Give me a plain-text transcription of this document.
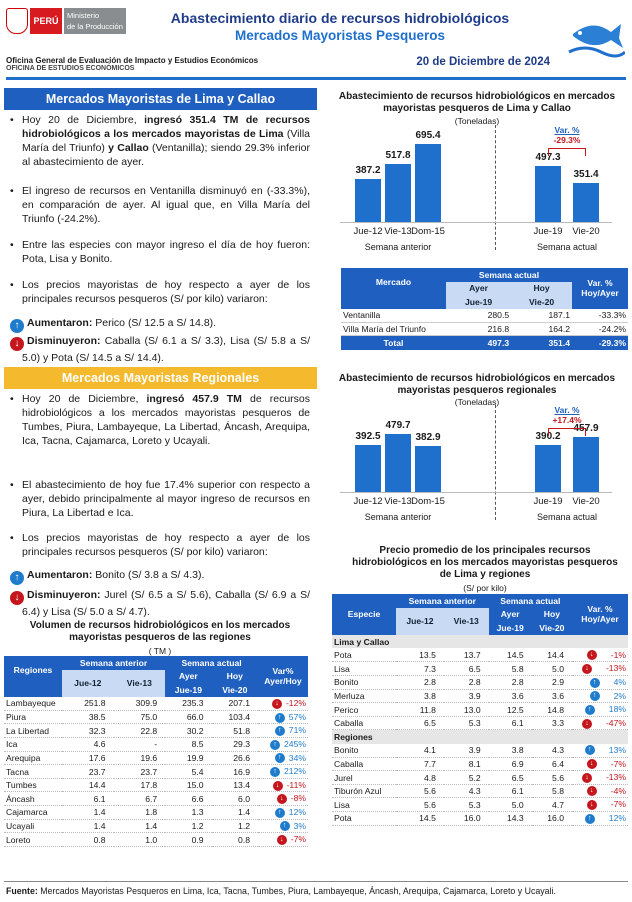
PERÚ
Ministerio
de la Producción
Abastecimiento diario de recursos hidrobiológicos
Mercados Mayoristas Pesqueros
Oficina General de Evaluación de Impacto y Estudios Económicos
OFICINA DE ESTUDIOS ECONÓMICOS
20 de Diciembre de 2024
Mercados Mayoristas de Lima y Callao
• Hoy 20 de Diciembre, ingresó 351.4 TM de recursos hidrobiológicos a los mercados mayoristas de Lima (Villa María del Triunfo) y Callao (Ventanilla); siendo 29.3% inferior al abastecimiento de ayer.
• El ingreso de recursos en Ventanilla disminuyó en (-33.3%), en comparación de ayer. Al igual que, en Villa María del Triunfo (-24.2%).
• Entre las especies con mayor ingreso el día de hoy fueron: Pota, Lisa y Bonito.
• Los precios mayoristas de hoy respecto a ayer de los principales recursos pesqueros (S/ por kilo) variaron:
↑ Aumentaron: Perico (S/ 12.5 a S/ 14.8).
↓ Disminuyeron: Caballa (S/ 6.1 a S/ 3.3), Lisa (S/ 5.8 a S/ 5.0) y Pota (S/ 14.5 a S/ 14.4).
Mercados Mayoristas Regionales
• Hoy 20 de Diciembre, ingresó 457.9 TM de recursos hidrobiológicos a los mercados mayoristas pesqueros de Tumbes, Piura, Lambayeque, La Libertad, Áncash, Arequipa, Ica, Tacna, Cajamarca, Loreto y Ucayali.
• El abastecimiento de hoy fue 17.4% superior con respecto a ayer, debido principalmente al mayor ingreso de recursos en Piura, La Libertad e Ica.
• Los precios mayoristas de hoy respecto a ayer de los principales recursos pesqueros (S/ por kilo) variaron:
↑ Aumentaron: Bonito (S/ 3.8 a S/ 4.3).
↓ Disminuyeron: Jurel (S/ 6.5 a S/ 5.6), Caballa (S/ 6.9 a S/ 6.4) y Lisa (S/ 5.0 a S/ 4.7).
Volumen de recursos hidrobiológicos en los mercados mayoristas pesqueros de las regiones
( TM )
Regiones	Semana anterior		Semana actual		Var% Ayer/Hoy
	Jue-12	Vie-13	Ayer	Hoy	
			Jue-19	Vie-20	
Lambayeque	251.8	309.9	235.3	207.1	↓ -12%
Piura	38.5	75.0	66.0	103.4	↑ 57%
La Libertad	32.3	22.8	30.2	51.8	↑ 71%
Ica	4.6	-	8.5	29.3	↑ 245%
Arequipa	17.6	19.6	19.9	26.6	↑ 34%
Tacna	23.7	23.7	5.4	16.9	↑ 212%
Tumbes	14.4	17.8	15.0	13.4	↓ -11%
Áncash	6.1	6.7	6.6	6.0	↓ -8%
Cajamarca	1.4	1.8	1.3	1.4	↑ 12%
Ucayali	1.4	1.4	1.2	1.2	↑ 3%
Loreto	0.8	1.0	0.9	0.8	↓ -7%
Abastecimiento de recursos hidrobiológicos en mercados mayoristas pesqueros de Lima y Callao
(Toneladas)
387.2
Jue-12
517.8
Vie-13
695.4
Dom-15
497.3
Jue-19
351.4
Vie-20
Semana anterior	Semana actual
Var. %
-29.3%
Mercado	Semana actual		Var. % Hoy/Ayer
	Ayer	Hoy	
	Jue-19	Vie-20	
Ventanilla	280.5	187.1	-33.3%
Villa María del Triunfo	216.8	164.2	-24.2%
Total	497.3	351.4	-29.3%
Abastecimiento de recursos hidrobiológicos en mercados mayoristas pesqueros regionales
(Toneladas)
392.5
Jue-12
479.7
Vie-13
382.9
Dom-15
390.2
Jue-19
457.9
Vie-20
Semana anterior	Semana actual
Var. %
+17.4%
Precio promedio de los principales recursos hidrobiológicos en los mercados mayoristas pesqueros de Lima y regiones
(S/ por kilo)
Especie	Semana anterior		Semana actual		Var. % Hoy/Ayer
	Jue-12	Vie-13	Ayer	Hoy	
			Jue-19	Vie-20	
Lima y Callao					
Pota	13.5	13.7	14.5	14.4	↓ -1%
Lisa	7.3	6.5	5.8	5.0	↓ -13%
Bonito	2.8	2.8	2.8	2.9	↑ 4%
Merluza	3.8	3.9	3.6	3.6	↑ 2%
Perico	11.8	13.0	12.5	14.8	↑ 18%
Caballa	6.5	5.3	6.1	3.3	↓ -47%
Regiones					
Bonito	4.1	3.9	3.8	4.3	↑ 13%
Caballa	7.7	8.1	6.9	6.4	↓ -7%
Jurel	4.8	5.2	6.5	5.6	↓ -13%
Tiburón Azul	5.6	4.3	6.1	5.8	↓ -4%
Lisa	5.6	5.3	5.0	4.7	↓ -7%
Pota	14.5	16.0	14.3	16.0	↑ 12%
Fuente: Mercados Mayoristas Pesqueros en Lima, Ica, Tacna, Tumbes, Piura, Lambayeque, Áncash, Arequipa, Cajamarca, Loreto y Ucayali.
